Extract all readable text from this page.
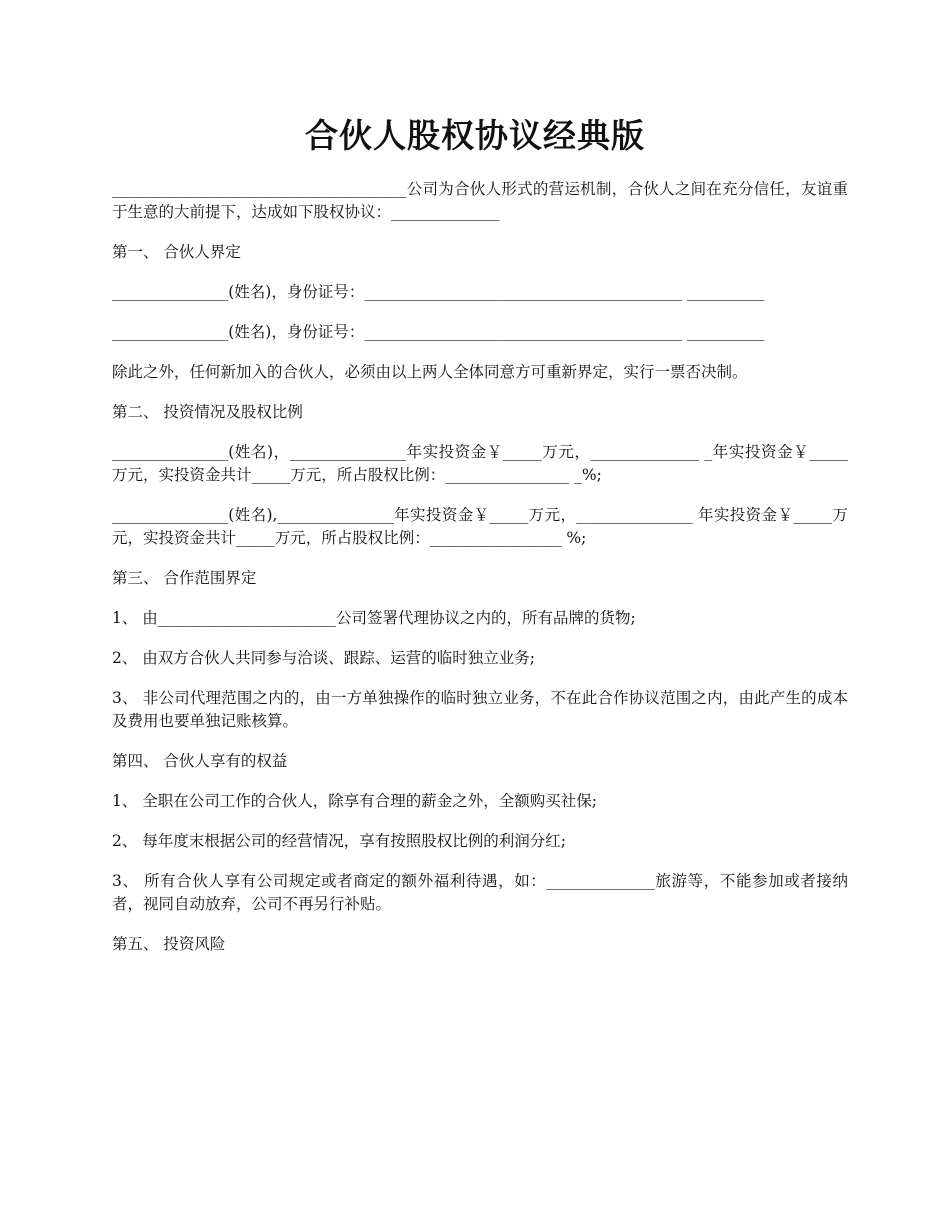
合伙人股权协议经典版

______________________________________公司为合伙人形式的营运机制，合伙人之间在充分信任，友谊重于生意的大前提下，达成如下股权协议：______________

第一、 合伙人界定

_______________(姓名)，身份证号：_________________________________________ __________

_______________(姓名)，身份证号：_________________________________________ __________

除此之外，任何新加入的合伙人，必须由以上两人全体同意方可重新界定，实行一票否决制。

第二、 投资情况及股权比例

_______________(姓名)，_______________年实投资金￥_____万元，______________ _年实投资金￥_____万元，实投资金共计_____万元，所占股权比例：________________ _%;

_______________(姓名),_______________年实投资金￥_____万元，_______________ 年实投资金￥_____万元，实投资金共计_____万元，所占股权比例：_________________ %;

第三、 合作范围界定

1、 由_______________________公司签署代理协议之内的，所有品牌的货物;

2、 由双方合伙人共同参与洽谈、跟踪、运营的临时独立业务;

3、 非公司代理范围之内的，由一方单独操作的临时独立业务，不在此合作协议范围之内，由此产生的成本及费用也要单独记账核算。

第四、 合伙人享有的权益

1、 全职在公司工作的合伙人，除享有合理的薪金之外，全额购买社保;

2、 每年度末根据公司的经营情况，享有按照股权比例的利润分红;

3、 所有合伙人享有公司规定或者商定的额外福利待遇，如：______________旅游等，不能参加或者接纳者，视同自动放弃，公司不再另行补贴。

第五、 投资风险
